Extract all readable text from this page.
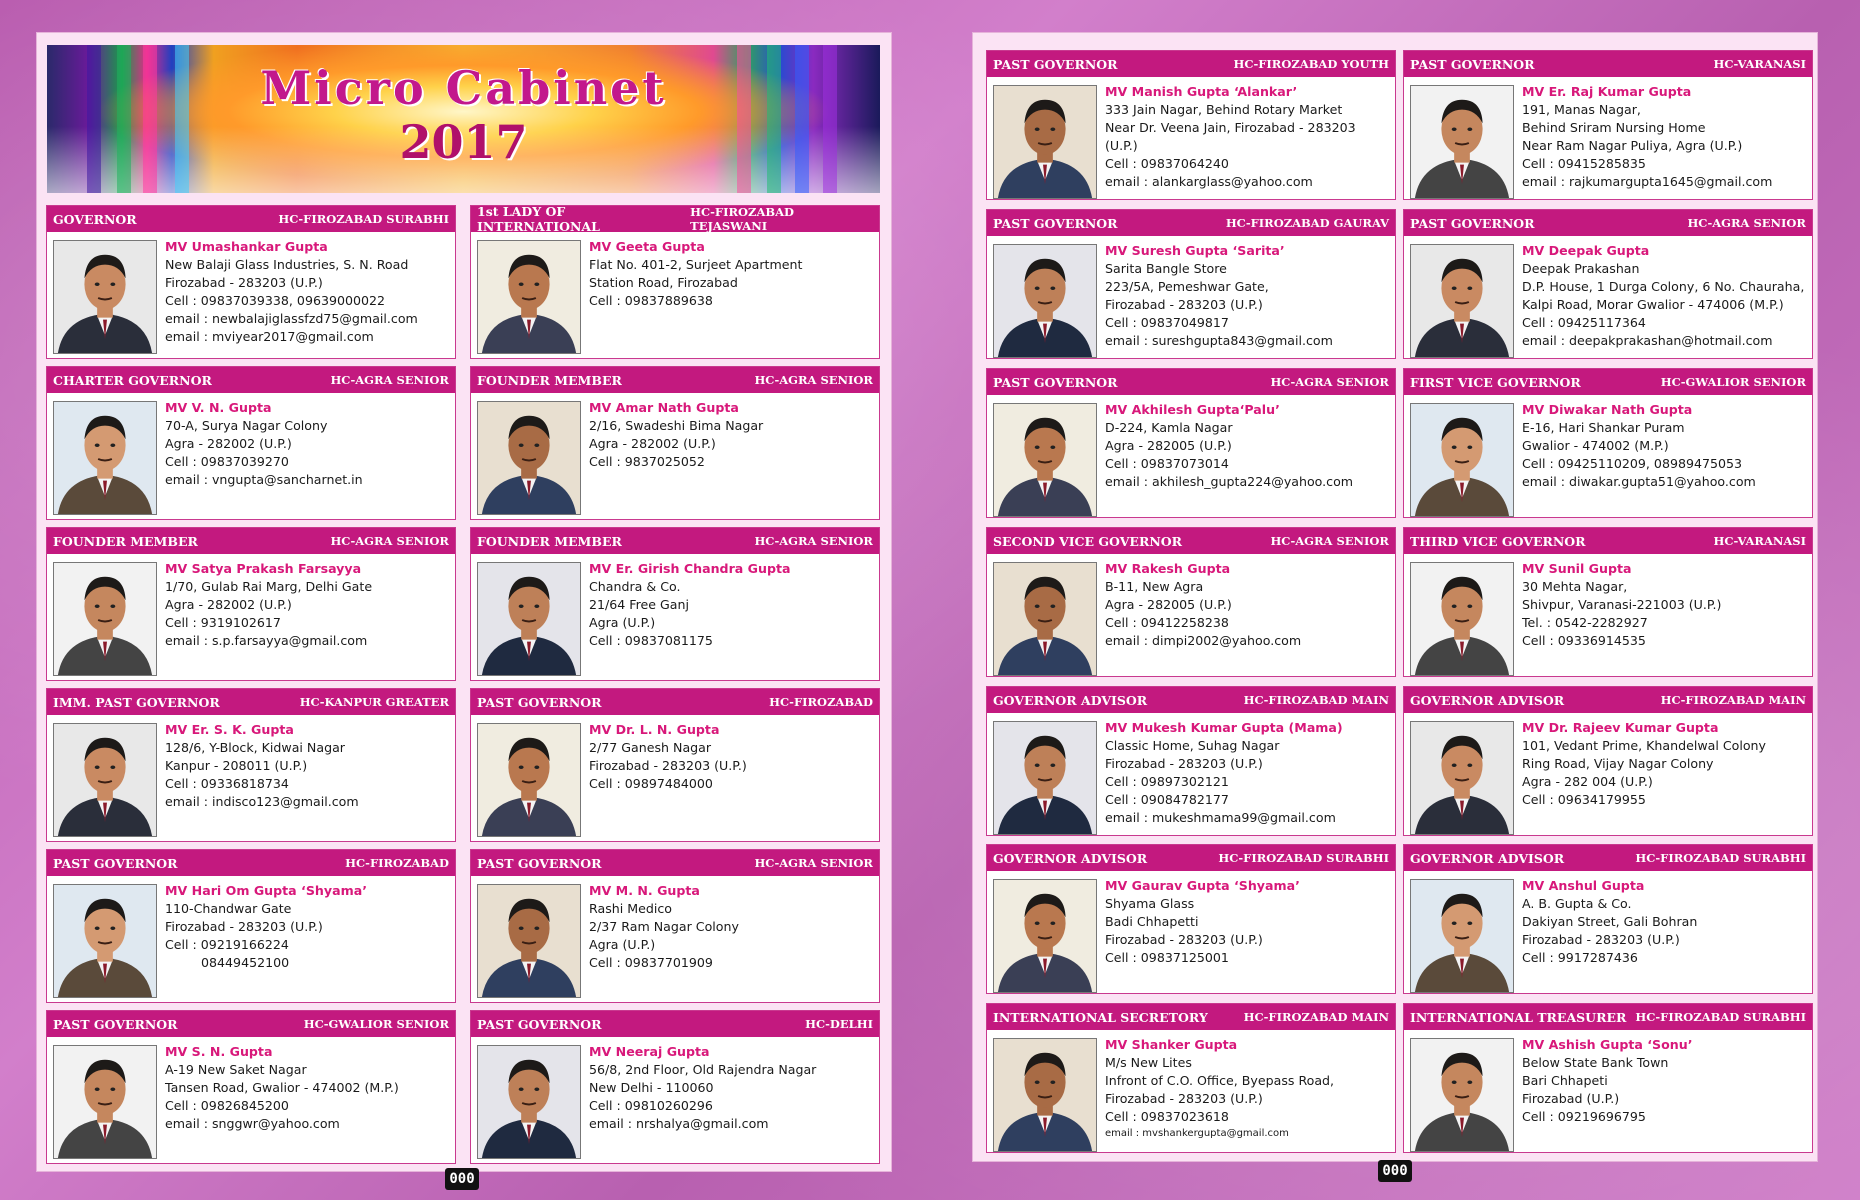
Micro Cabinet
2017
GOVERNOR	HC-FIROZABAD SURABHI
MV Umashankar Gupta
New Balaji Glass Industries, S. N. Road
Firozabad - 283203 (U.P.)
Cell : 09837039338, 09639000022
email : newbalajiglassfzd75@gmail.com
email : mviyear2017@gmail.com
1st LADY OF INTERNATIONAL
HC-FIROZABAD TEJASWANI
MV Geeta Gupta
Flat No. 401-2, Surjeet Apartment
Station Road, Firozabad
Cell : 09837889638
CHARTER GOVERNOR	HC-AGRA SENIOR
MV V. N. Gupta
70-A, Surya Nagar Colony
Agra - 282002 (U.P.)
Cell : 09837039270
email : vngupta@sancharnet.in
FOUNDER MEMBER	HC-AGRA SENIOR
MV Amar Nath Gupta
2/16, Swadeshi Bima Nagar
Agra - 282002 (U.P.)
Cell : 9837025052
FOUNDER MEMBER	HC-AGRA SENIOR
MV Satya Prakash Farsayya
1/70, Gulab Rai Marg, Delhi Gate
Agra - 282002 (U.P.)
Cell : 9319102617
email : s.p.farsayya@gmail.com
FOUNDER MEMBER	HC-AGRA SENIOR
MV Er. Girish Chandra Gupta
Chandra & Co.
21/64 Free Ganj
Agra (U.P.)
Cell : 09837081175
IMM. PAST GOVERNOR	HC-KANPUR GREATER
MV Er. S. K. Gupta
128/6, Y-Block, Kidwai Nagar
Kanpur - 208011 (U.P.)
Cell : 09336818734
email : indisco123@gmail.com
PAST GOVERNOR	HC-FIROZABAD
MV Dr. L. N. Gupta
2/77 Ganesh Nagar
Firozabad - 283203 (U.P.)
Cell : 09897484000
PAST GOVERNOR	HC-FIROZABAD
MV Hari Om Gupta ‘Shyama’
110-Chandwar Gate
Firozabad - 283203 (U.P.)
Cell : 09219166224
08449452100
PAST GOVERNOR	HC-AGRA SENIOR
MV M. N. Gupta
Rashi Medico
2/37 Ram Nagar Colony
Agra (U.P.)
Cell : 09837701909
PAST GOVERNOR	HC-GWALIOR SENIOR
MV S. N. Gupta
A-19 New Saket Nagar
Tansen Road, Gwalior - 474002 (M.P.)
Cell : 09826845200
email : snggwr@yahoo.com
PAST GOVERNOR	HC-DELHI
MV Neeraj Gupta
56/8, 2nd Floor, Old Rajendra Nagar
New Delhi - 110060
Cell : 09810260296
email : nrshalya@gmail.com
PAST GOVERNOR	HC-FIROZABAD YOUTH
MV Manish Gupta ‘Alankar’
333 Jain Nagar, Behind Rotary Market
Near Dr. Veena Jain, Firozabad - 283203 (U.P.)
Cell : 09837064240
email : alankarglass@yahoo.com
PAST GOVERNOR	HC-VARANASI
MV Er. Raj Kumar Gupta
191, Manas Nagar,
Behind Sriram Nursing Home
Near Ram Nagar Puliya, Agra (U.P.)
Cell : 09415285835
email : rajkumargupta1645@gmail.com
PAST GOVERNOR	HC-FIROZABAD GAURAV
MV Suresh Gupta ‘Sarita’
Sarita Bangle Store
223/5A, Pemeshwar Gate,
Firozabad - 283203 (U.P.)
Cell : 09837049817
email : sureshgupta843@gmail.com
PAST GOVERNOR	HC-AGRA SENIOR
MV Deepak Gupta
Deepak Prakashan
D.P. House, 1 Durga Colony, 6 No. Chauraha,
Kalpi Road, Morar Gwalior - 474006 (M.P.)
Cell : 09425117364
email : deepakprakashan@hotmail.com
PAST GOVERNOR	HC-AGRA SENIOR
MV Akhilesh Gupta‘Palu’
D-224, Kamla Nagar
Agra - 282005 (U.P.)
Cell : 09837073014
email : akhilesh_gupta224@yahoo.com
FIRST VICE GOVERNOR	HC-GWALIOR SENIOR
MV Diwakar Nath Gupta
E-16, Hari Shankar Puram
Gwalior - 474002 (M.P.)
Cell : 09425110209, 08989475053
email : diwakar.gupta51@yahoo.com
SECOND VICE GOVERNOR	HC-AGRA SENIOR
MV Rakesh Gupta
B-11, New Agra
Agra - 282005 (U.P.)
Cell : 09412258238
email : dimpi2002@yahoo.com
THIRD VICE GOVERNOR	HC-VARANASI
MV Sunil Gupta
30 Mehta Nagar,
Shivpur, Varanasi-221003 (U.P.)
Tel. : 0542-2282927
Cell : 09336914535
GOVERNOR ADVISOR	HC-FIROZABAD MAIN
MV Mukesh Kumar Gupta (Mama)
Classic Home, Suhag Nagar
Firozabad - 283203 (U.P.)
Cell : 09897302121
Cell : 09084782177
email : mukeshmama99@gmail.com
GOVERNOR ADVISOR	HC-FIROZABAD MAIN
MV Dr. Rajeev Kumar Gupta
101, Vedant Prime, Khandelwal Colony
Ring Road, Vijay Nagar Colony
Agra - 282 004 (U.P.)
Cell : 09634179955
GOVERNOR ADVISOR	HC-FIROZABAD SURABHI
MV Gaurav Gupta ‘Shyama’
Shyama Glass
Badi Chhapetti
Firozabad - 283203 (U.P.)
Cell : 09837125001
GOVERNOR ADVISOR	HC-FIROZABAD SURABHI
MV Anshul Gupta
A. B. Gupta & Co.
Dakiyan Street, Gali Bohran
Firozabad - 283203 (U.P.)
Cell : 9917287436
INTERNATIONAL SECRETORY	HC-FIROZABAD MAIN
MV Shanker Gupta
M/s New Lites
Infront of C.O. Office, Byepass Road,
Firozabad - 283203 (U.P.)
Cell : 09837023618
email : mvshankergupta@gmail.com
INTERNATIONAL TREASURER HC-FIROZABAD SURABHI
MV Ashish Gupta ‘Sonu’
Below State Bank Town
Bari Chhapeti
Firozabad (U.P.)
Cell : 09219696795
000	000
